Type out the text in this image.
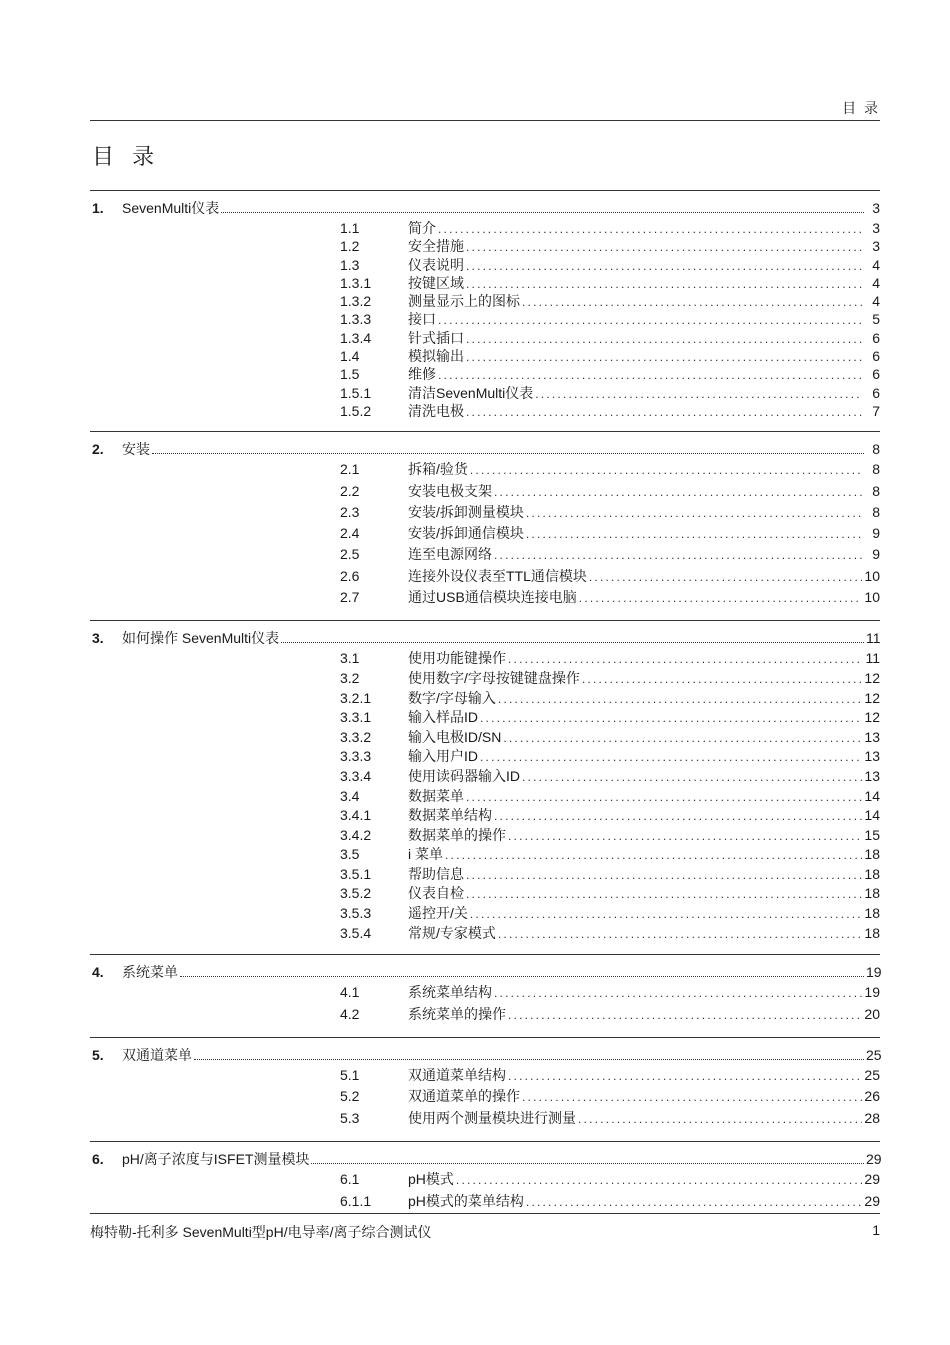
目 录
目 录
1.	SevenMulti仪表	3
1.1	简介 .....	3
1.2	安全措施 .....	3
1.3	仪表说明 .....	4
1.3.1	按键区域 .....	4
1.3.2	测量显示上的图标 .....	4
1.3.3	接口 .....	5
1.3.4	针式插口 .....	6
1.4	模拟输出 .....	6
1.5	维修 .....	6
1.5.1	清洁SevenMulti仪表 .....	6
1.5.2	清洗电极 .....	7
2.	安装	8
2.1	拆箱/验货 .....	8
2.2	安装电极支架 .....	8
2.3	安装/拆卸测量模块 .....	8
2.4	安装/拆卸通信模块 .....	9
2.5	连至电源网络 .....	9
2.6	连接外设仪表至TTL通信模块 .....	10
2.7	通过USB通信模块连接电脑 .....	10
3.	如何操作 SevenMulti仪表	11
3.1	使用功能键操作 .....	11
3.2	使用数字/字母按键键盘操作 .....	12
3.2.1	数字/字母输入 .....	12
3.3.1	输入样品ID .....	12
3.3.2	输入电极ID/SN .....	13
3.3.3	输入用户ID .....	13
3.3.4	使用读码器输入ID .....	13
3.4	数据菜单 .....	14
3.4.1	数据菜单结构 .....	14
3.4.2	数据菜单的操作 .....	15
3.5	i 菜单 .....	18
3.5.1	帮助信息 .....	18
3.5.2	仪表自检 .....	18
3.5.3	遥控开/关 .....	18
3.5.4	常规/专家模式 .....	18
4.	系统菜单	19
4.1	系统菜单结构 .....	19
4.2	系统菜单的操作 .....	20
5.	双通道菜单	25
5.1	双通道菜单结构 .....	25
5.2	双通道菜单的操作 .....	26
5.3	使用两个测量模块进行测量 .....	28
6.	pH/离子浓度与ISFET测量模块	29
6.1	pH模式 .....	29
6.1.1	pH模式的菜单结构 .....	29
梅特勒-托利多 SevenMulti型pH/电导率/离子综合测试仪	1
